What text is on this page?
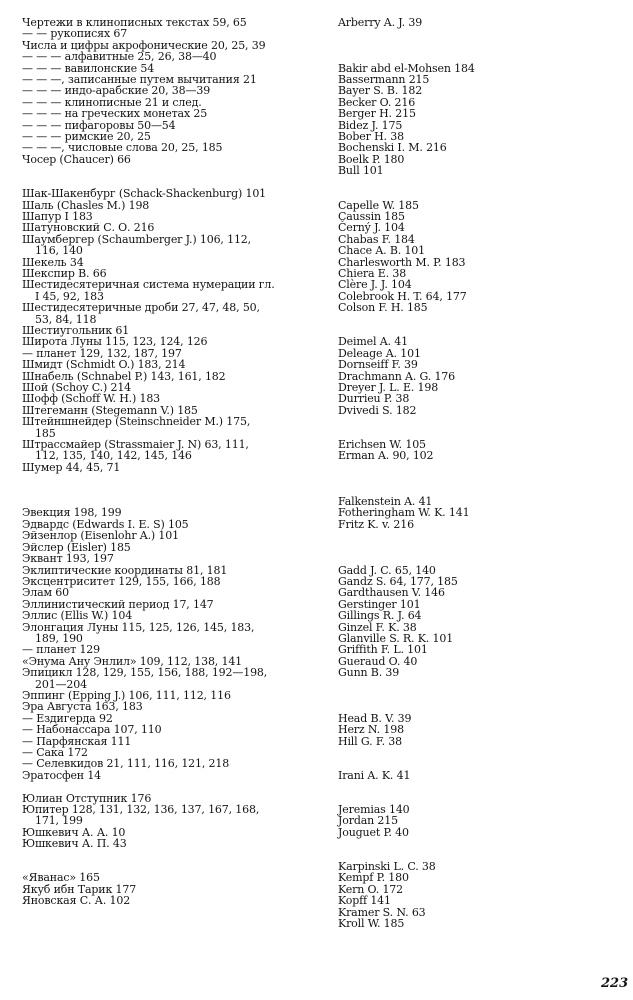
Чертежи в клинописных текстах 59, 65
— — рукописях 67
Числа и цифры акрофонические 20, 25, 39
— — — алфавитные 25, 26, 38—40
— — — вавилонские 54
— — —, записанные путем вычитания 21
— — — индо-арабские 20, 38—39
— — — клинописные 21 и след.
— — — на греческих монетах 25
— — — пифагоровы 50—54
— — — римские 20, 25
— — —, числовые слова 20, 25, 185
Чосер (Chaucer) 66

Шак-Шакенбург (Schack-Shackenburg) 101
Шаль (Chasles M.) 198
Шапур I 183
Шатуновский С. О. 216
Шаумбергер (Schaumberger J.) 106, 112,
116, 140
Шекель 34
Шекспир В. 66
Шестидесятеричная система нумерации гл.
I 45, 92, 183
Шестидесятеричные дроби 27, 47, 48, 50,
53, 84, 118
Шестиугольник 61
Широта Луны 115, 123, 124, 126
— планет 129, 132, 187, 197
Шмидт (Schmidt O.) 183, 214
Шнабель (Schnabel P.) 143, 161, 182
Шой (Schoy C.) 214
Шофф (Schoff W. H.) 183
Штегеманн (Stegemann V.) 185
Штейншнейдер (Steinschneider M.) 175,
185
Штрассмайер (Strassmaier J. N) 63, 111,
112, 135, 140, 142, 145, 146
Шумер 44, 45, 71

Эвекция 198, 199
Эдвардс (Edwards I. E. S) 105
Эйзенлор (Eisenlohr A.) 101
Эйслер (Eisler) 185
Эквант 193, 197
Эклиптические координаты 81, 181
Эксцентриситет 129, 155, 166, 188
Элам 60
Эллинистический период 17, 147
Эллис (Ellis W.) 104
Элонгация Луны 115, 125, 126, 145, 183,
189, 190
— планет 129
«Энума Ану Энлил» 109, 112, 138, 141
Эпицикл 128, 129, 155, 156, 188, 192—198,
201—204
Эппинг (Epping J.) 106, 111, 112, 116
Эра Августа 163, 183
— Ездигерда 92
— Набонассара 107, 110
— Парфянская 111
— Сака 172
— Селевкидов 21, 111, 116, 121, 218
Эратосфен 14

Юлиан Отступник 176
Юпитер 128, 131, 132, 136, 137, 167, 168,
171, 199
Юшкевич А. А. 10
Юшкевич А. П. 43

«Яванас» 165
Якуб ибн Тарик 177
Яновская С. А. 102
Arberry A. J. 39

Bakir abd el-Mohsen 184
Bassermann 215
Bayer S. B. 182
Becker O. 216
Berger H. 215
Bidez J. 175
Bober H. 38
Bochenski I. M. 216
Boelk P. 180
Bull 101

Capelle W. 185
Caussin 185
Černý J. 104
Chabas F. 184
Chace A. B. 101
Charlesworth M. P. 183
Chiera E. 38
Clère J. J. 104
Colebrook H. T. 64, 177
Colson F. H. 185

Deimel A. 41
Deleage A. 101
Dornseiff F. 39
Drachmann A. G. 176
Dreyer J. L. E. 198
Durrieu P. 38
Dvivedi S. 182

Erichsen W. 105
Erman A. 90, 102

Falkenstein A. 41
Fotheringham W. K. 141
Fritz K. v. 216

Gadd J. C. 65, 140
Gandz S. 64, 177, 185
Gardthausen V. 146
Gerstinger 101
Gillings R. J. 64
Ginzel F. K. 38
Glanville S. R. K. 101
Griffith F. L. 101
Gueraud O. 40
Gunn B. 39

Head B. V. 39
Herz N. 198
Hill G. F. 38

Irani A. K. 41

Jeremias 140
Jordan 215
Jouguet P. 40

Karpinski L. C. 38
Kempf P. 180
Kern O. 172
Kopff 141
Kramer S. N. 63
Kroll W. 185
223
